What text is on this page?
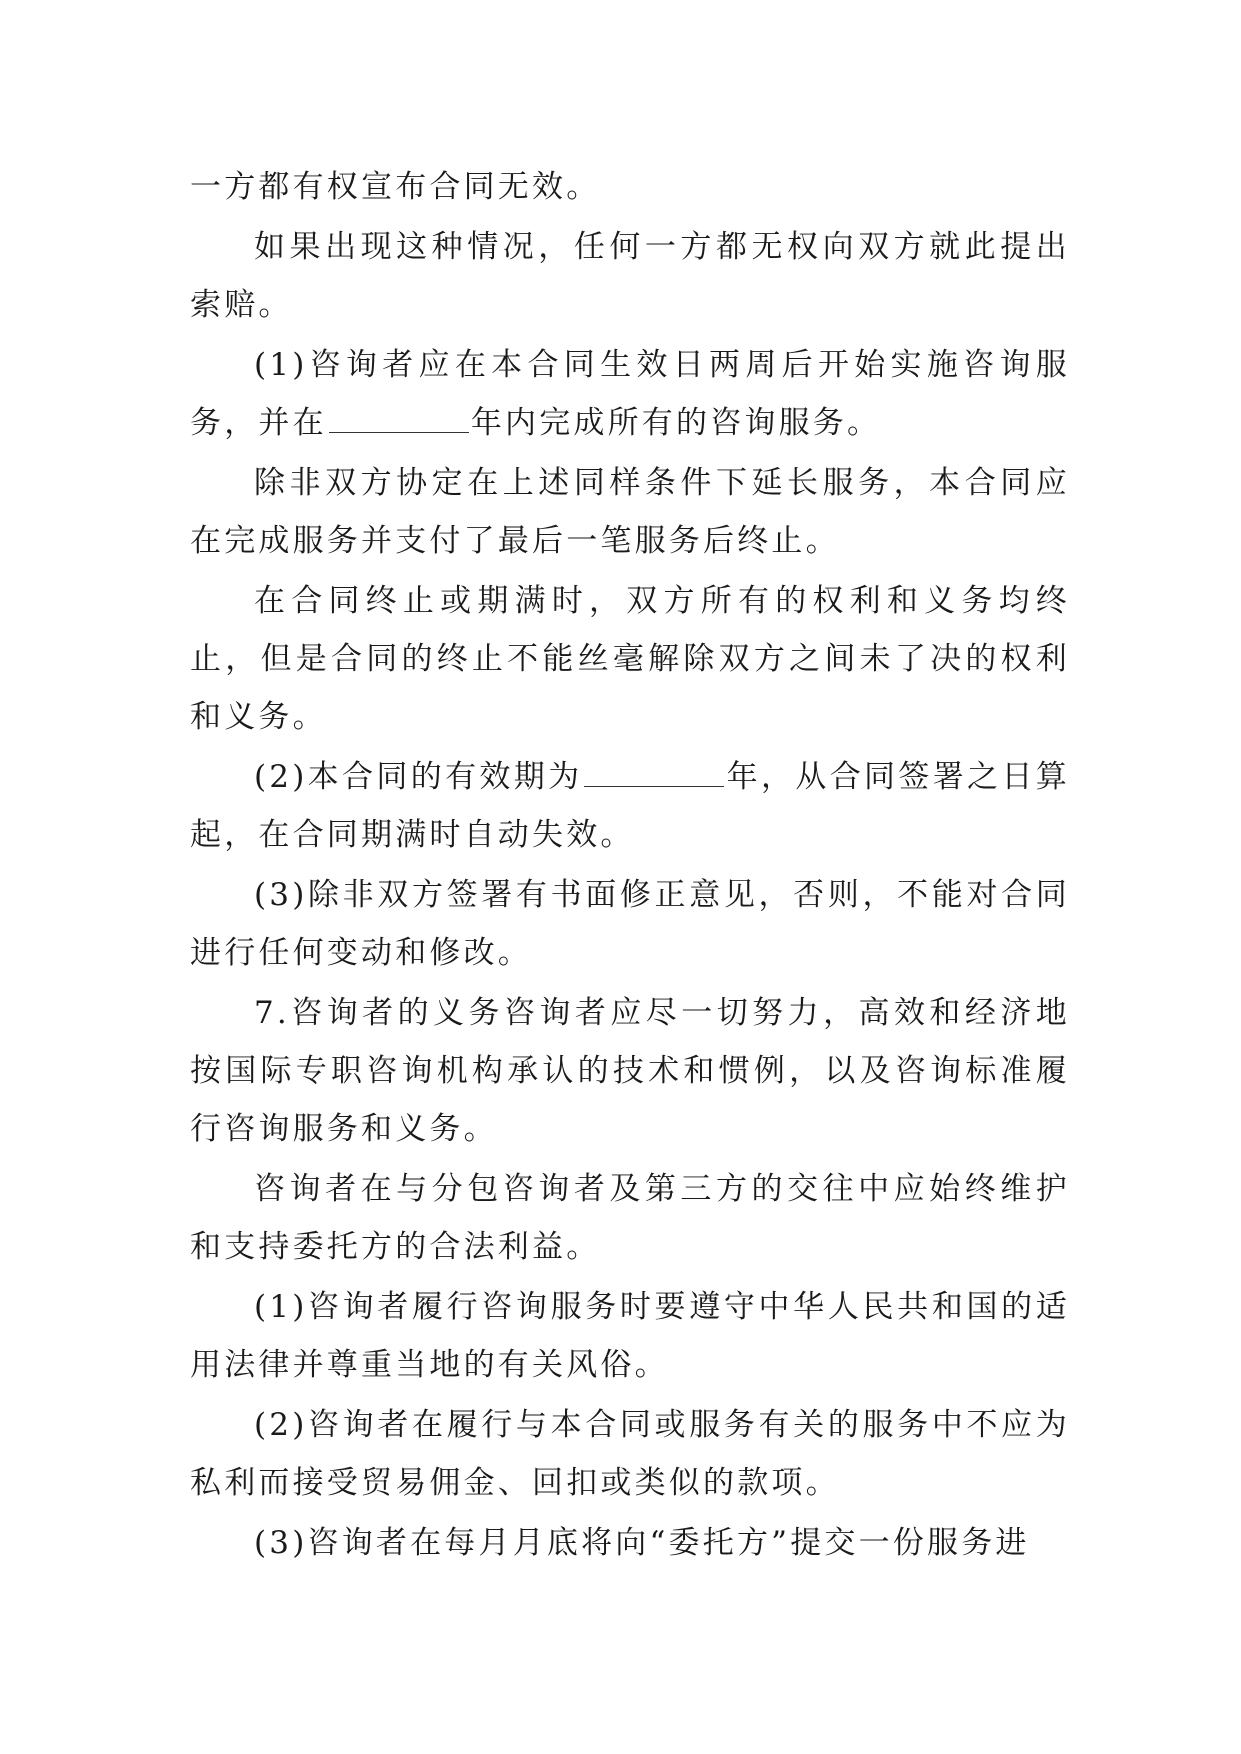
一方都有权宣布合同无效。

如果出现这种情况，任何一方都无权向双方就此提出索赔。

(1)咨询者应在本合同生效日两周后开始实施咨询服务，并在	年内完成所有的咨询服务。

除非双方协定在上述同样条件下延长服务，本合同应在完成服务并支付了最后一笔服务后终止。

在合同终止或期满时，双方所有的权利和义务均终止，但是合同的终止不能丝毫解除双方之间未了决的权利和义务。

(2)本合同的有效期为	年，从合同签署之日算起，在合同期满时自动失效。

(3)除非双方签署有书面修正意见，否则，不能对合同进行任何变动和修改。

7.咨询者的义务咨询者应尽一切努力，高效和经济地按国际专职咨询机构承认的技术和惯例，以及咨询标准履行咨询服务和义务。

咨询者在与分包咨询者及第三方的交往中应始终维护和支持委托方的合法利益。

(1)咨询者履行咨询服务时要遵守中华人民共和国的适用法律并尊重当地的有关风俗。

(2)咨询者在履行与本合同或服务有关的服务中不应为私利而接受贸易佣金、回扣或类似的款项。

(3)咨询者在每月月底将向“委托方”提交一份服务进
